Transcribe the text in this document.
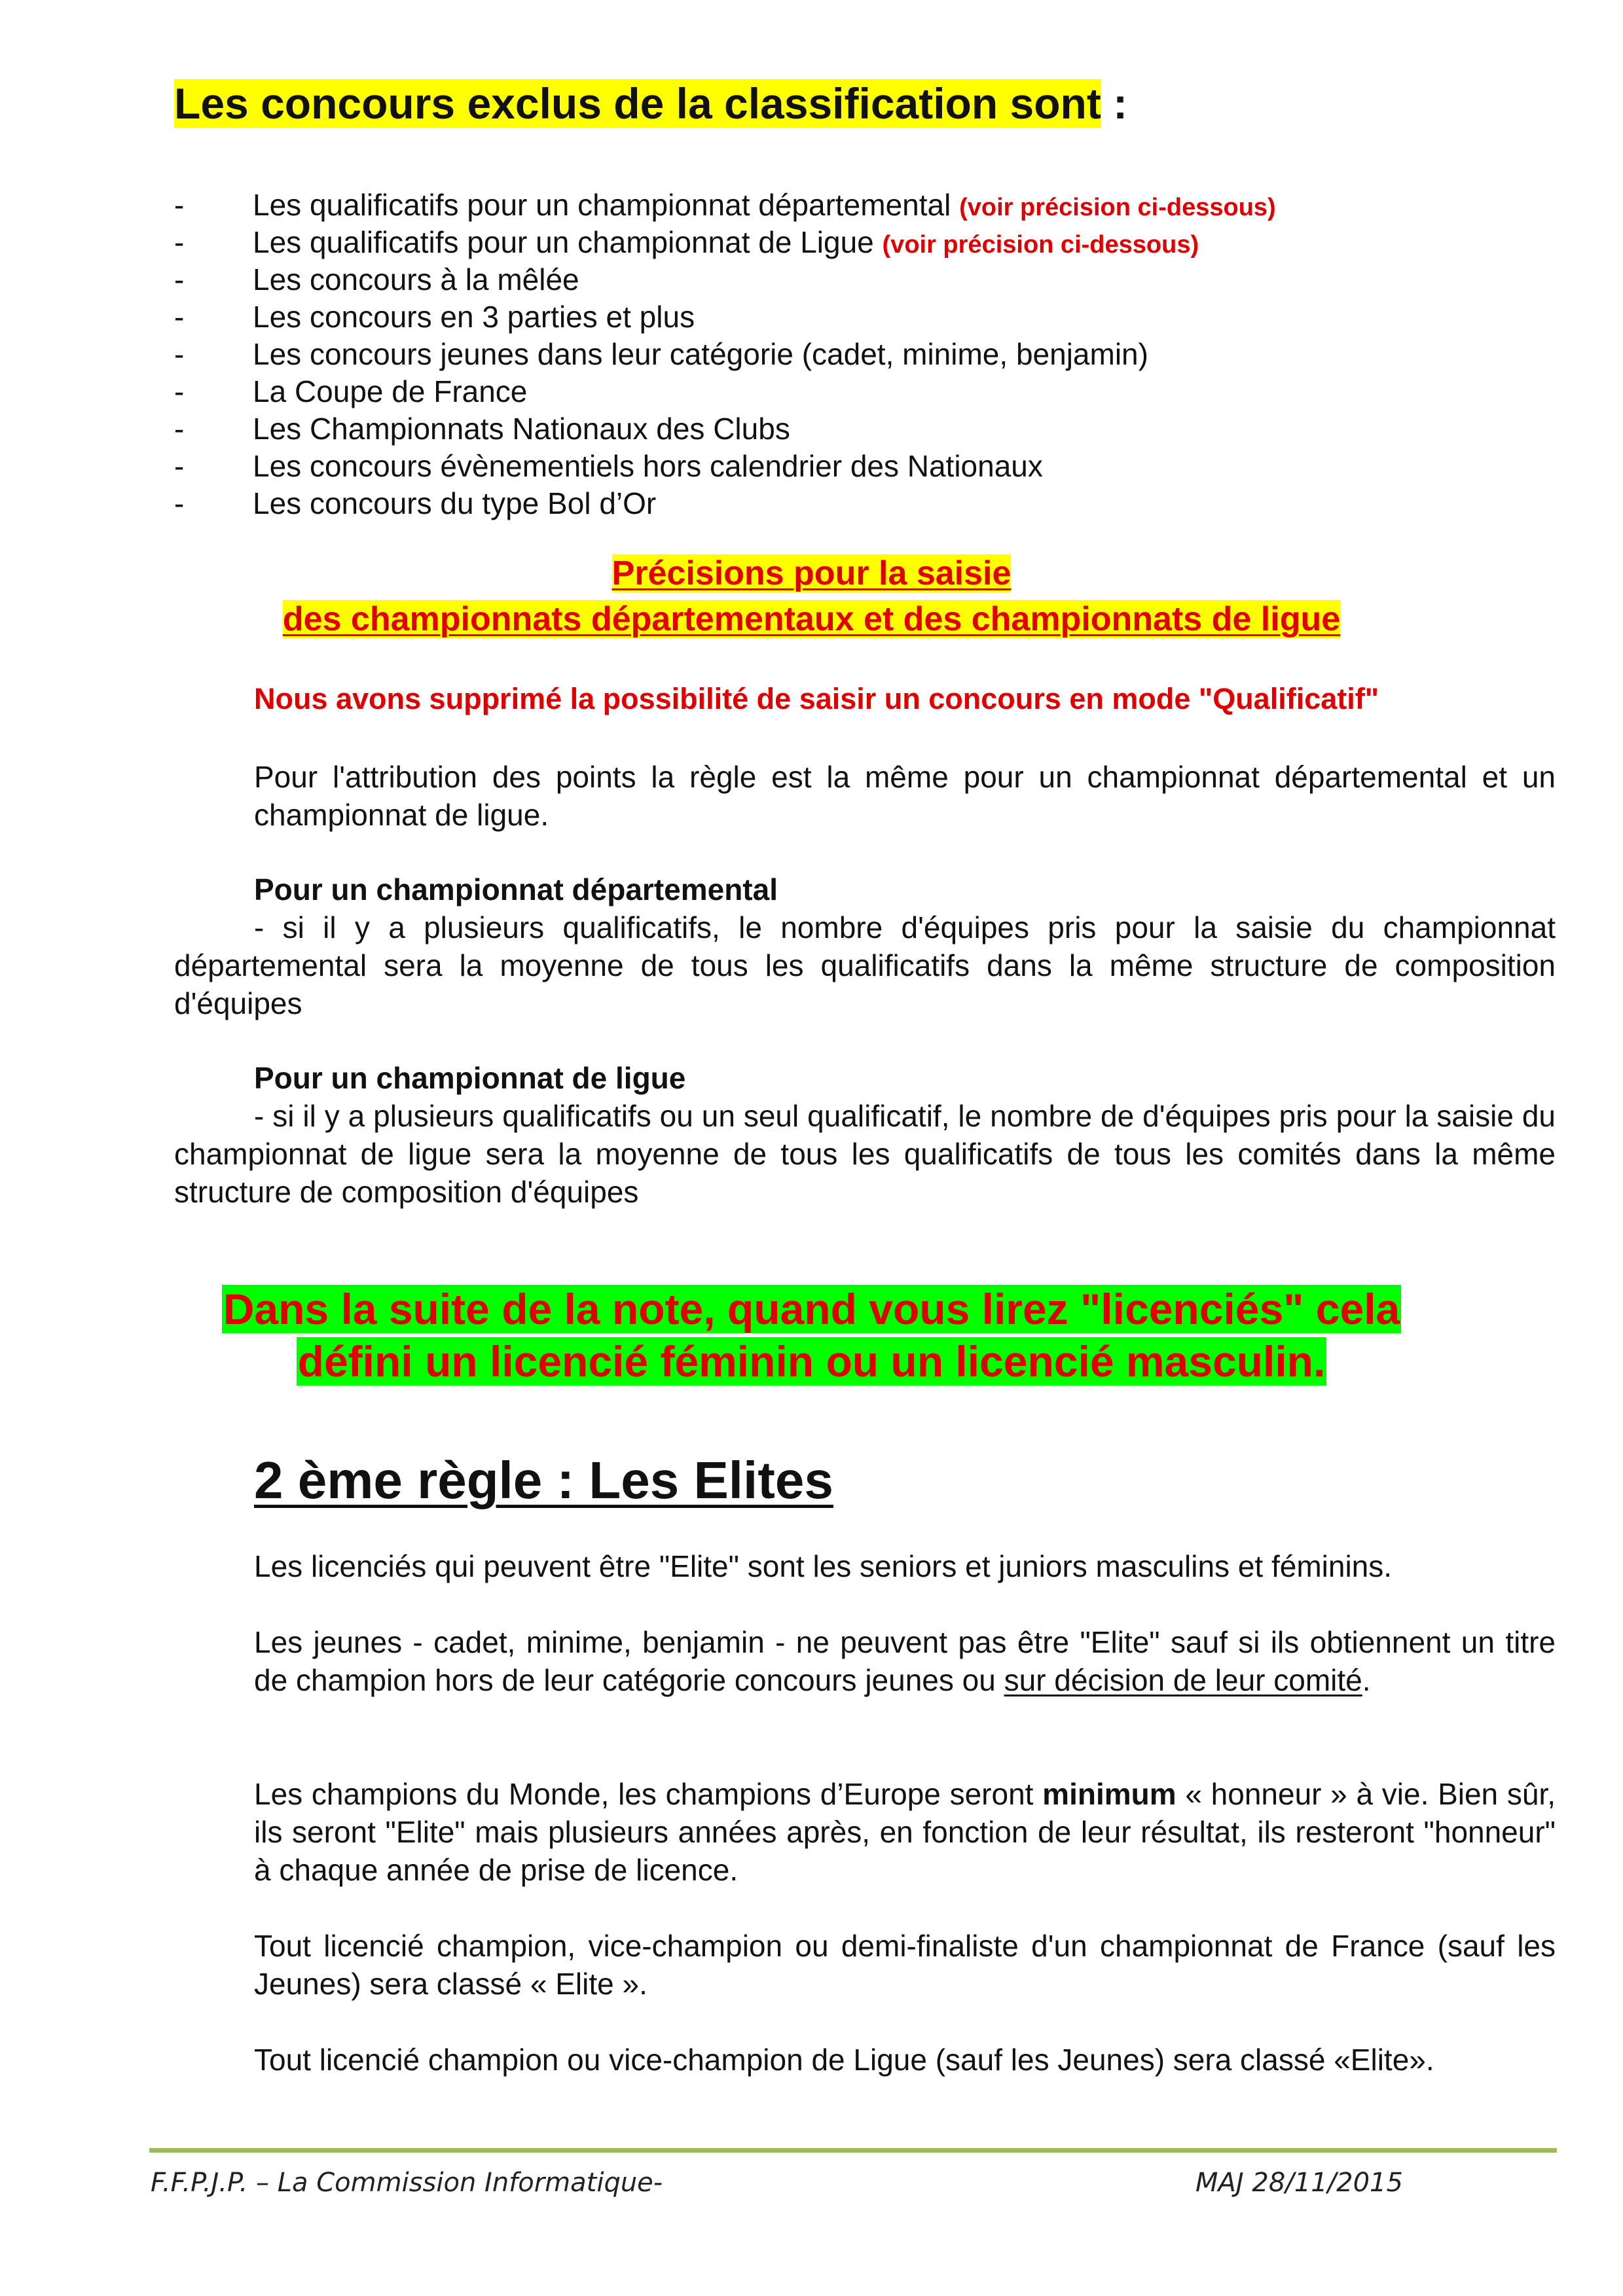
Les concours exclus de la classification sont :
- Les qualificatifs pour un championnat départemental (voir précision ci-dessous)
- Les qualificatifs pour un championnat de Ligue (voir précision ci-dessous)
- Les concours à la mêlée
- Les concours en 3 parties et plus
- Les concours jeunes dans leur catégorie (cadet, minime, benjamin)
- La Coupe de France
- Les Championnats Nationaux des Clubs
- Les concours évènementiels hors calendrier des Nationaux
- Les concours du type Bol d’Or
Précisions pour la saisie
des championnats départementaux et des championnats de ligue
Nous avons supprimé la possibilité de saisir un concours en mode "Qualificatif"
Pour l'attribution des points la règle est la même pour un championnat départemental et un championnat de ligue.
Pour un championnat départemental
- si il y a plusieurs qualificatifs, le nombre d'équipes pris pour la saisie du championnat départemental sera la moyenne de tous les qualificatifs dans la même structure de composition d'équipes
Pour un championnat de ligue
- si il y a plusieurs qualificatifs ou un seul qualificatif, le nombre de d'équipes pris pour la saisie du championnat de ligue sera la moyenne de tous les qualificatifs de tous les comités dans la même structure de composition d'équipes
Dans la suite de la note, quand vous lirez "licenciés" cela
défini un licencié féminin ou un licencié masculin.
2 ème règle : Les Elites
Les licenciés qui peuvent être "Elite" sont les seniors et juniors masculins et féminins.
Les jeunes - cadet, minime, benjamin - ne peuvent pas être "Elite" sauf si ils obtiennent un titre de champion hors de leur catégorie concours jeunes ou sur décision de leur comité.
Les champions du Monde, les champions d’Europe seront minimum « honneur » à vie. Bien sûr, ils seront "Elite" mais plusieurs années après, en fonction de leur résultat, ils resteront "honneur" à chaque année de prise de licence.
Tout licencié champion, vice-champion ou demi-finaliste d'un championnat de France (sauf les Jeunes) sera classé « Elite ».
Tout licencié champion ou vice-champion de Ligue (sauf les Jeunes) sera classé «Elite».
F.F.P.J.P. – La Commission Informatique-	MAJ 28/11/2015
